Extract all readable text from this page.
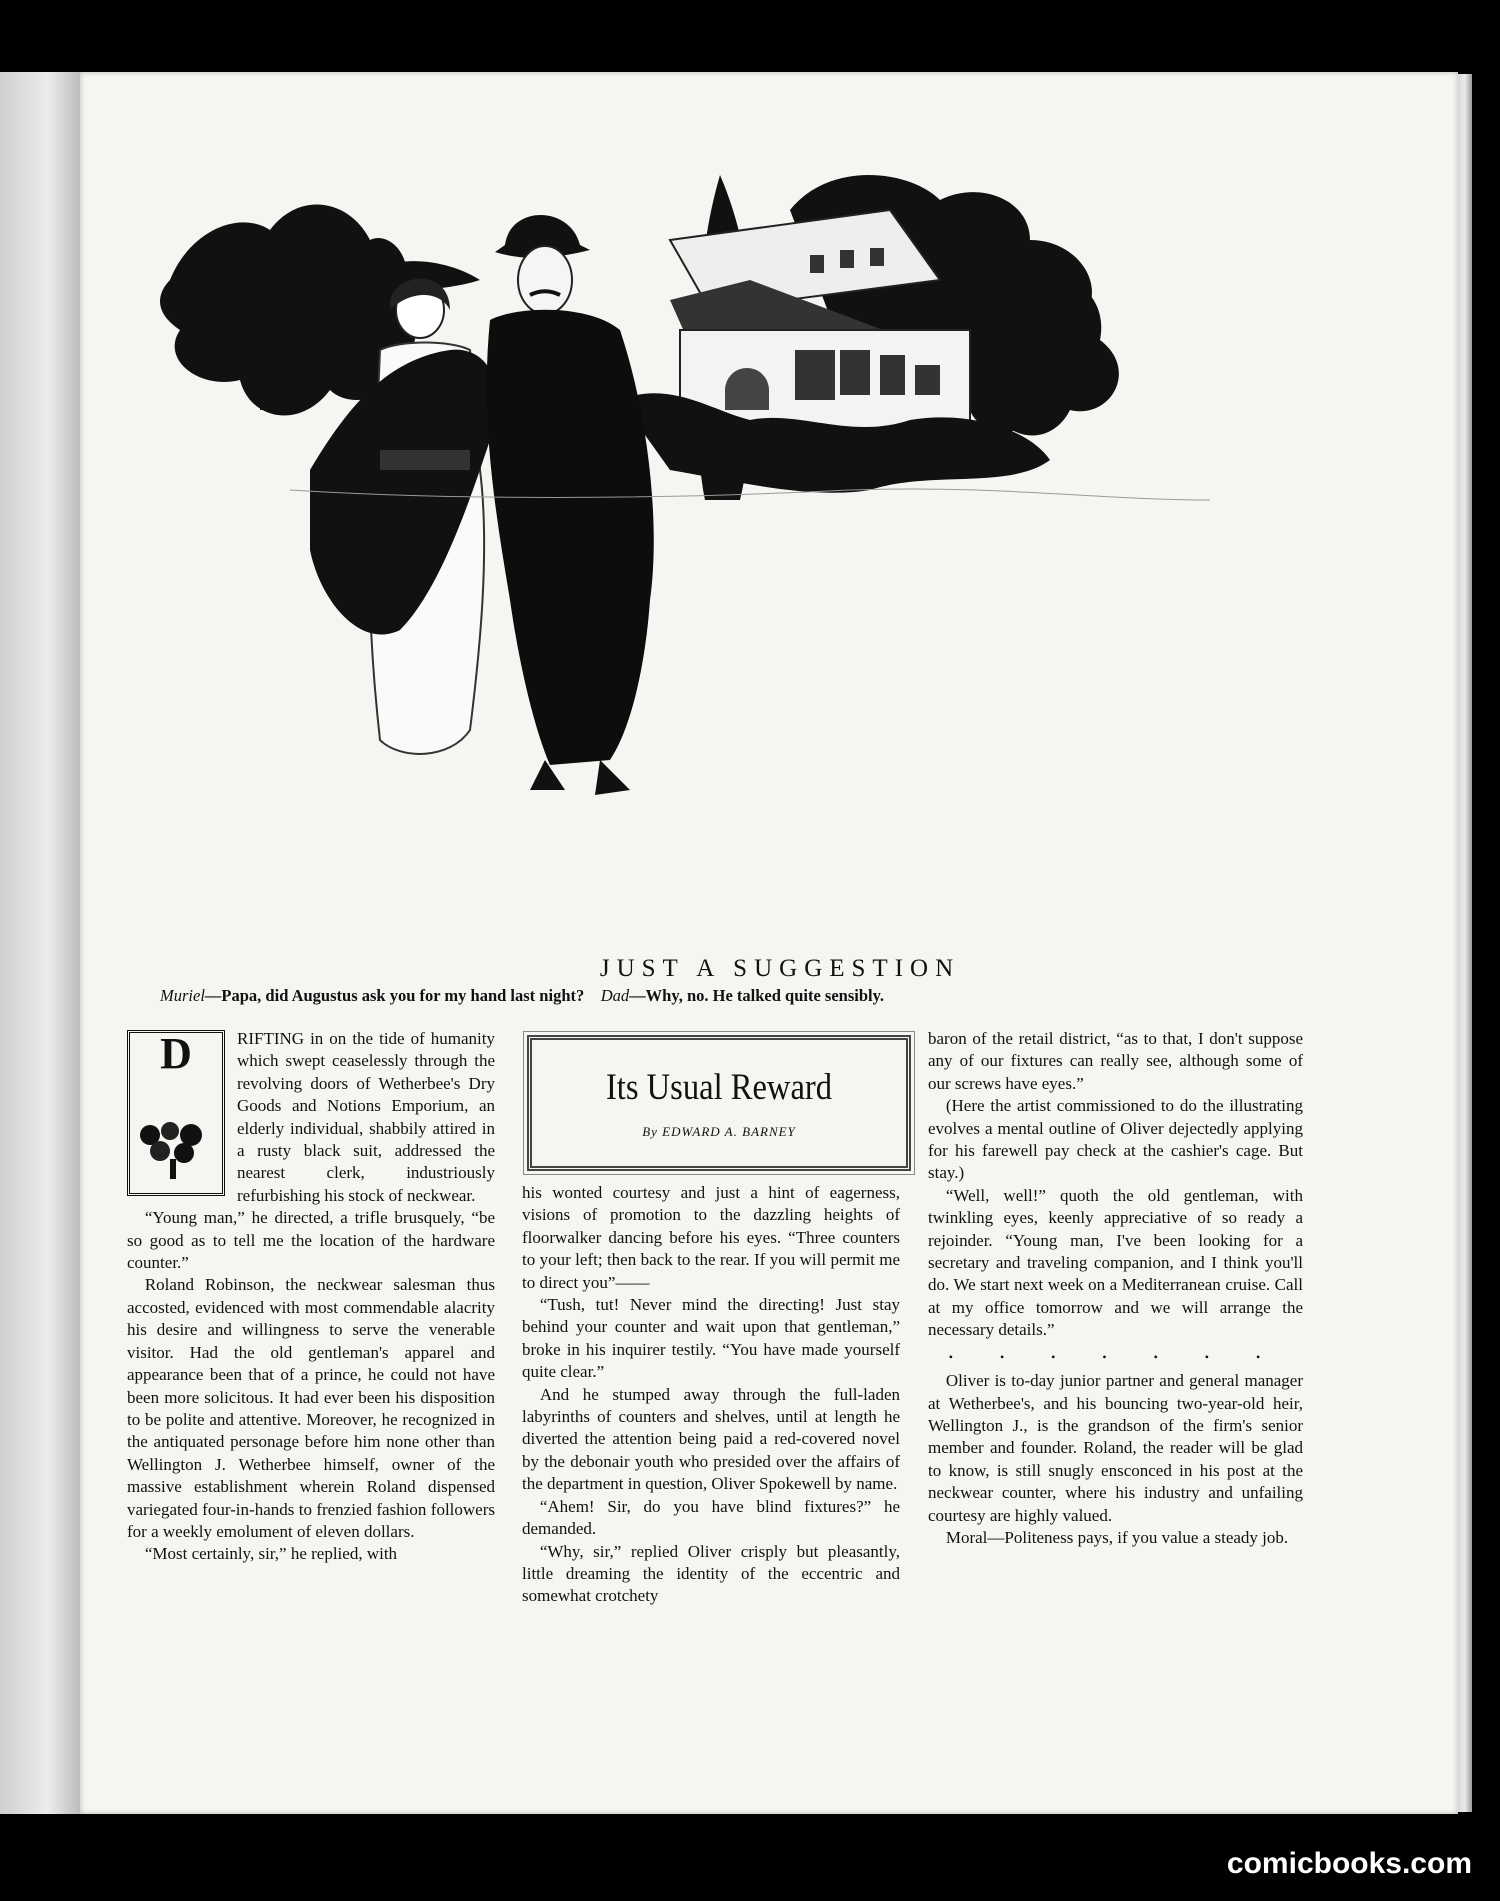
JUST A SUGGESTION
Muriel—Papa, did Augustus ask you for my hand last night? Dad—Why, no. He talked quite sensibly.
D	RIFTING in on the tide of humanity which swept ceaselessly through the revolving doors of Wetherbee's Dry Goods and Notions Emporium, an elderly individual, shabbily attired in a rusty black suit, addressed the nearest clerk, industriously refurbishing his stock of neckwear.

“Young man,” he directed, a trifle brusquely, “be so good as to tell me the location of the hardware counter.”

Roland Robinson, the neckwear salesman thus accosted, evidenced with most commendable alacrity his desire and willingness to serve the venerable visitor. Had the old gentleman's apparel and appearance been that of a prince, he could not have been more solicitous. It had ever been his disposition to be polite and attentive. Moreover, he recognized in the antiquated personage before him none other than Wellington J. Wetherbee himself, owner of the massive establishment wherein Roland dispensed variegated four-in-hands to frenzied fashion followers for a weekly emolument of eleven dollars.

“Most certainly, sir,” he replied, with

Its Usual Reward
By EDWARD A. BARNEY

his wonted courtesy and just a hint of eagerness, visions of promotion to the dazzling heights of floorwalker dancing before his eyes. “Three counters to your left; then back to the rear. If you will permit me to direct you”——

“Tush, tut! Never mind the directing! Just stay behind your counter and wait upon that gentleman,” broke in his inquirer testily. “You have made yourself quite clear.”

And he stumped away through the full-laden labyrinths of counters and shelves, until at length he diverted the attention being paid a red-covered novel by the debonair youth who presided over the affairs of the department in question, Oliver Spokewell by name.

“Ahem! Sir, do you have blind fixtures?” he demanded.

“Why, sir,” replied Oliver crisply but pleasantly, little dreaming the identity of the eccentric and somewhat crotchety

baron of the retail district, “as to that, I don't suppose any of our fixtures can really see, although some of our screws have eyes.”

(Here the artist commissioned to do the illustrating evolves a mental outline of Oliver dejectedly applying for his farewell pay check at the cashier's cage. But stay.)

“Well, well!” quoth the old gentleman, with twinkling eyes, keenly appreciative of so ready a rejoinder. “Young man, I've been looking for a secretary and traveling companion, and I think you'll do. We start next week on a Mediterranean cruise. Call at my office tomorrow and we will arrange the necessary details.”

• • • • • • •

Oliver is to-day junior partner and general manager at Wetherbee's, and his bouncing two-year-old heir, Wellington J., is the grandson of the firm's senior member and founder. Roland, the reader will be glad to know, is still snugly ensconced in his post at the neckwear counter, where his industry and unfailing courtesy are highly valued.

Moral—Politeness pays, if you value a steady job.

comicbooks.com
